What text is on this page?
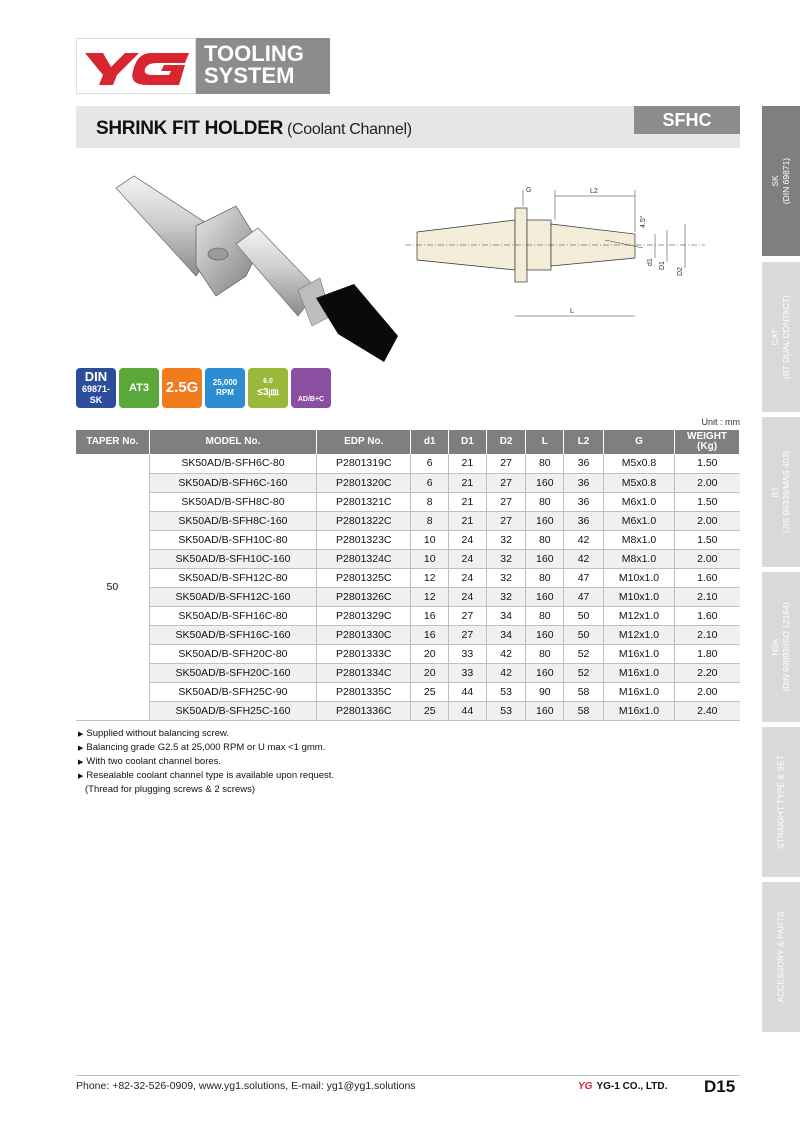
TOOLING
SYSTEM
SHRINK FIT HOLDER (Coolant Channel)	SFHC
SK (DIN 69871)
CAT (BT DUAL CONTACT)
BT (JIS B6339/MAS 403)
HSK (DIN 69893/ISO 12164)
STRAIGHT TYPE & SET
ACCESSORY & PARTS
G	L2
L
d1 D1
D2
4.5°
DIN
69871-
SK
AT3	2.5G	25,000
RPM
6.0
≤3㎛
AD/B+C
Unit : mm
TAPER No.	MODEL No.	EDP No.	d1	D1	D2	L	L2	G	WEIGHT
(Kg)
50	SK50AD/B-SFH6C-80	P2801319C	6	21	27	80	36	M5x0.8	1.50
	SK50AD/B-SFH6C-160	P2801320C	6	21	27	160	36	M5x0.8	2.00
	SK50AD/B-SFH8C-80	P2801321C	8	21	27	80	36	M6x1.0	1.50
	SK50AD/B-SFH8C-160	P2801322C	8	21	27	160	36	M6x1.0	2.00
	SK50AD/B-SFH10C-80	P2801323C	10	24	32	80	42	M8x1.0	1.50
	SK50AD/B-SFH10C-160	P2801324C	10	24	32	160	42	M8x1.0	2.00
	SK50AD/B-SFH12C-80	P2801325C	12	24	32	80	47	M10x1.0	1.60
	SK50AD/B-SFH12C-160	P2801326C	12	24	32	160	47	M10x1.0	2.10
	SK50AD/B-SFH16C-80	P2801329C	16	27	34	80	50	M12x1.0	1.60
	SK50AD/B-SFH16C-160	P2801330C	16	27	34	160	50	M12x1.0	2.10
	SK50AD/B-SFH20C-80	P2801333C	20	33	42	80	52	M16x1.0	1.80
	SK50AD/B-SFH20C-160	P2801334C	20	33	42	160	52	M16x1.0	2.20
	SK50AD/B-SFH25C-90	P2801335C	25	44	53	90	58	M16x1.0	2.00
	SK50AD/B-SFH25C-160	P2801336C	25	44	53	160	58	M16x1.0	2.40
▶ Supplied without balancing screw.
▶ Balancing grade G2.5 at 25,000 RPM or U max <1 gmm.
▶ With two coolant channel bores.
▶ Resealable coolant channel type is available upon request.
(Thread for plugging screws & 2 screws)
Phone: +82-32-526-0909, www.yg1.solutions, E-mail: yg1@yg1.solutions	YG YG-1 CO., LTD. D15
